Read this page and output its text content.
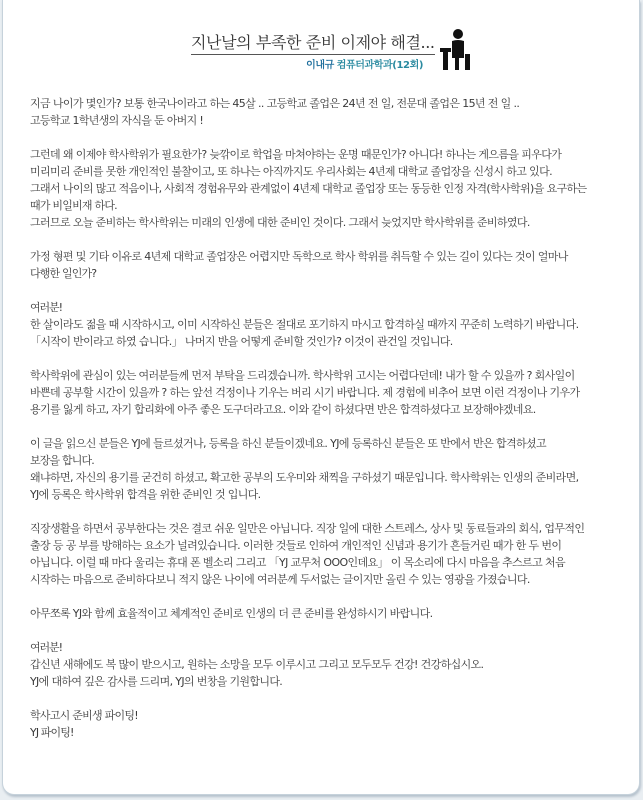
지난날의 부족한 준비 이제야 해결...
이내규 컴퓨터과학과(12회)

지금 나이가 몇인가? 보통 한국나이라고 하는 45살 .. 고등학교 졸업은 24년 전 일, 전문대 졸업은 15년 전 일 ..
고등학교 1학년생의 자식을 둔 아버지 !

그런데 왜 이제야 학사학위가 필요한가? 늦깎이로 학업을 마쳐야하는 운명 때문인가? 아니다! 하나는 게으름을 피우다가
미리미리 준비를 못한 개인적인 불찰이고, 또 하나는 아직까지도 우리사회는 4년제 대학교 졸업장을 신성시 하고 있다.
그래서 나이의 많고 적음이나, 사회적 경험유무와 관계없이 4년제 대학교 졸업장 또는 동등한 인정 자격(학사학위)을 요구하는
때가 비일비재 하다.
그러므로 오늘 준비하는 학사학위는 미래의 인생에 대한 준비인 것이다. 그래서 늦었지만 학사학위를 준비하였다.

가정 형편 및 기타 이유로 4년제 대학교 졸업장은 어렵지만 독학으로 학사 학위를 취득할 수 있는 길이 있다는 것이 얼마나
다행한 일인가?

여러분!
한 살이라도 젊을 때 시작하시고, 이미 시작하신 분들은 절대로 포기하지 마시고 합격하실 때까지 꾸준히 노력하기 바랍니다.
「시작이 반이라고 하였 습니다.」 나머지 반을 어떻게 준비할 것인가? 이것이 관건일 것입니다.

학사학위에 관심이 있는 여러분들께 먼저 부탁을 드리겠습니까. 학사학위 고시는 어렵다던데! 내가 할 수 있을까 ? 회사일이
바쁜데 공부할 시간이 있을까 ? 하는 앞선 걱정이나 기우는 버리 시기 바랍니다. 제 경험에 비추어 보면 이런 걱정이나 기우가
용기를 잃게 하고, 자기 합리화에 아주 좋은 도구더라고요. 이와 같이 하셨다면 반은 합격하셨다고 보장해야겠네요.

이 글을 읽으신 분들은 YJ에 들르셨거나, 등록을 하신 분들이겠네요. YJ에 등록하신 분들은 또 반에서 반은 합격하셨고
보장을 합니다.
왜냐하면, 자신의 용기를 굳건히 하셨고, 확고한 공부의 도우미와 채찍을 구하셨기 때문입니다. 학사학위는 인생의 준비라면,
YJ에 등록은 학사학위 합격을 위한 준비인 것 입니다.

직장생활을 하면서 공부한다는 것은 결코 쉬운 일만은 아닙니다. 직장 일에 대한 스트레스, 상사 및 동료들과의 회식, 업무적인
출장 등 공 부를 방해하는 요소가 널려있습니다. 이러한 것들로 인하여 개인적인 신념과 용기가 흔들거린 때가 한 두 번이
아닙니다. 이럴 때 마다 울리는 휴대 폰 벨소리 그리고 「YJ 교무처 OOO인데요」 이 목소리에 다시 마음을 추스르고 처음
시작하는 마음으로 준비하다보니 적지 않은 나이에 여러분께 두서없는 글이지만 올린 수 있는 영광을 가졌습니다.

아무쪼록 YJ와 함께 효율적이고 체계적인 준비로 인생의 더 큰 준비를 완성하시기 바랍니다.

여러분!
갑신년 새해에도 복 많이 받으시고, 원하는 소망을 모두 이루시고 그리고 모두모두 건강! 건강하십시오.
YJ에 대하여 깊은 감사를 드리며, YJ의 번창을 기원합니다.

학사고시 준비생 파이팅!
YJ 파이팅!
